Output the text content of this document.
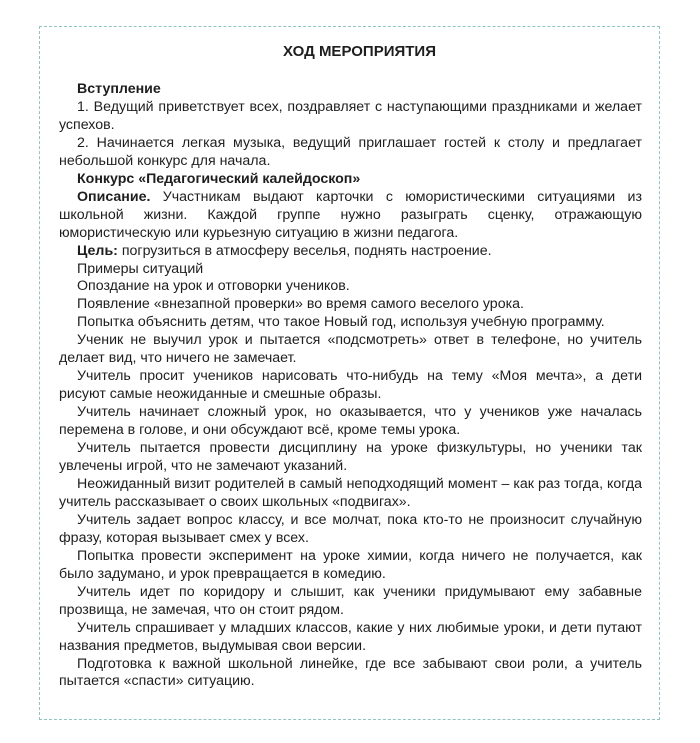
ХОД МЕРОПРИЯТИЯ

Вступление

1. Ведущий приветствует всех, поздравляет с наступающими праздниками и желает успехов.

2. Начинается легкая музыка, ведущий приглашает гостей к столу и предлагает небольшой конкурс для начала.

Конкурс «Педагогический калейдоскоп»

Описание. Участникам выдают карточки с юмористическими ситуациями из школьной жизни. Каждой группе нужно разыграть сценку, отражающую юмористическую или курьезную ситуацию в жизни педагога.

Цель: погрузиться в атмосферу веселья, поднять настроение.

Примеры ситуаций

Опоздание на урок и отговорки учеников.

Появление «внезапной проверки» во время самого веселого урока.

Попытка объяснить детям, что такое Новый год, используя учебную программу.

Ученик не выучил урок и пытается «подсмотреть» ответ в телефоне, но учитель делает вид, что ничего не замечает.

Учитель просит учеников нарисовать что-нибудь на тему «Моя мечта», а дети рисуют самые неожиданные и смешные образы.

Учитель начинает сложный урок, но оказывается, что у учеников уже началась перемена в голове, и они обсуждают всё, кроме темы урока.

Учитель пытается провести дисциплину на уроке физкультуры, но ученики так увлечены игрой, что не замечают указаний.

Неожиданный визит родителей в самый неподходящий момент – как раз тогда, когда учитель рассказывает о своих школьных «подвигах».

Учитель задает вопрос классу, и все молчат, пока кто-то не произносит случайную фразу, которая вызывает смех у всех.

Попытка провести эксперимент на уроке химии, когда ничего не получается, как было задумано, и урок превращается в комедию.

Учитель идет по коридору и слышит, как ученики придумывают ему забавные прозвища, не замечая, что он стоит рядом.

Учитель спрашивает у младших классов, какие у них любимые уроки, и дети путают названия предметов, выдумывая свои версии.

Подготовка к важной школьной линейке, где все забывают свои роли, а учитель пытается «спасти» ситуацию.
